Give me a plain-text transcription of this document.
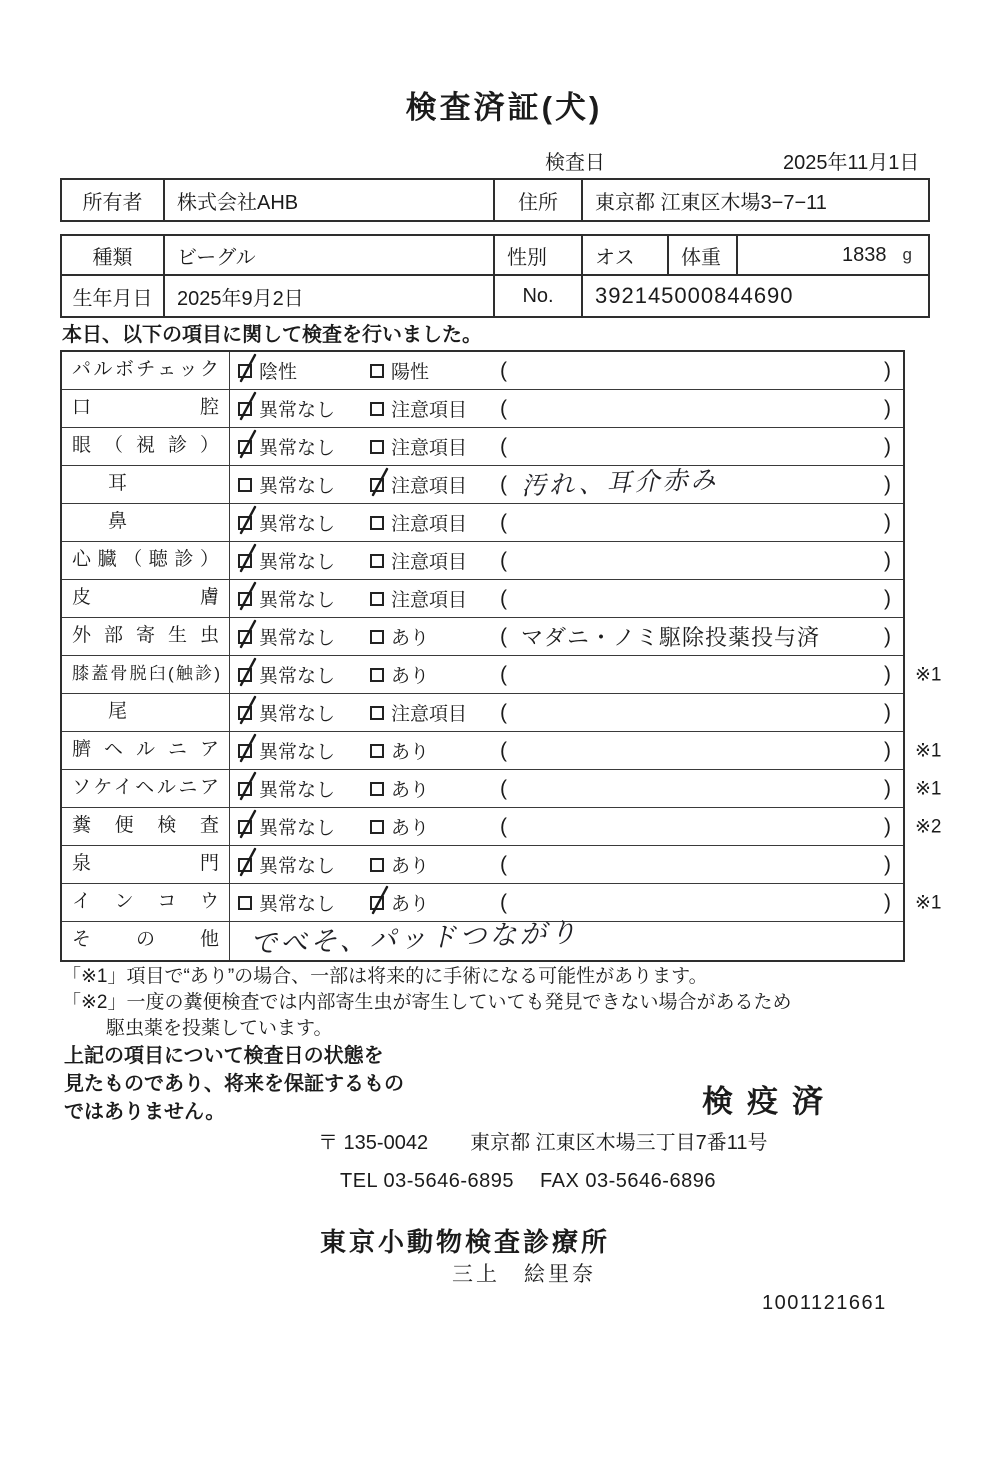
検査済証(犬)
検査日	2025年11月1日
所有者	株式会社AHB	住所	東京都 江東区木場3−7−11
種類	ビーグル	性別	オス	体重	1838 g
生年月日	2025年9月2日	No.	392145000844690
本日、以下の項目に関して検査を行いました。
パルボチェック	陰性	陽性	(	)
口腔	異常なし	注意項目 (	)
眼（視診）	異常なし	注意項目 (	)
耳	異常なし	注意項目 ( 汚れ、耳介赤み	)
鼻	異常なし	注意項目 (	)
心臓（聴診）	異常なし	注意項目 (	)
皮膚	異常なし	注意項目 (	)
外部寄生虫	異常なし	あり	( マダニ・ノミ駆除投薬投与済	)
膝蓋骨脱臼(触診)	異常なし	あり	(	) ※1
尾	異常なし	注意項目 (	)
臍ヘルニア	異常なし	あり	(	) ※1
ソケイヘルニア	異常なし	あり	(	) ※1
糞便検査	異常なし	あり	(	) ※2
泉門	異常なし	あり	(	)
インコウ	異常なし	あり	(	) ※1
その他	でべそ、パッドつながり
「※1」項目で“あり”の場合、一部は将来的に手術になる可能性があります。
「※2」一度の糞便検査では内部寄生虫が寄生していても発見できない場合があるため
駆虫薬を投薬しています。
上記の項目について検査日の状態を
見たものであり、将来を保証するもの
ではありません。	検疫済
〒 135-0042 東京都 江東区木場三丁目7番11号
TEL 03-5646-6895 FAX 03-5646-6896
東京小動物検査診療所
三上　絵里奈
1001121661
